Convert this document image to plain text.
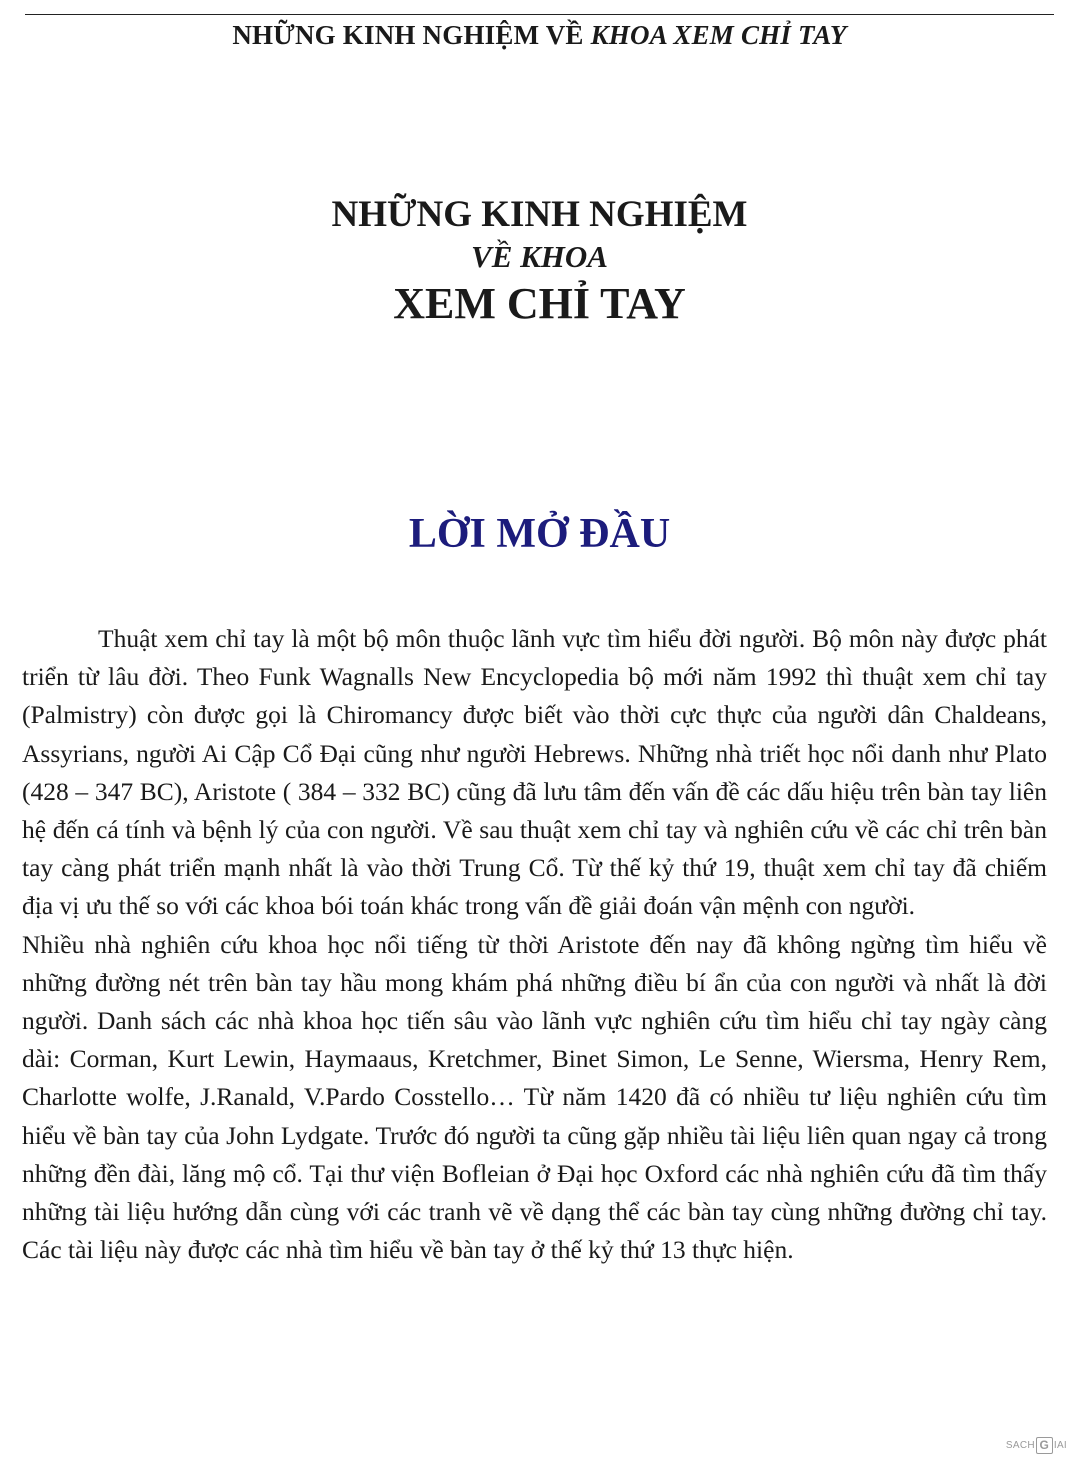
NHỮNG KINH NGHIỆM VỀ KHOA XEM CHỈ TAY
NHỮNG KINH NGHIỆM
VỀ KHOA
XEM CHỈ TAY
LỜI MỞ ĐẦU

Thuật xem chỉ tay là một bộ môn thuộc lãnh vực tìm hiểu đời người. Bộ môn này được phát triển từ lâu đời. Theo Funk Wagnalls New Encyclopedia bộ mới năm 1992 thì thuật xem chỉ tay (Palmistry) còn được gọi là Chiromancy được biết vào thời cực thực của người dân Chaldeans, Assyrians, người Ai Cập Cổ Đại cũng như người Hebrews. Những nhà triết học nổi danh như Plato (428 – 347 BC), Aristote ( 384 – 332 BC) cũng đã lưu tâm đến vấn đề các dấu hiệu trên bàn tay liên hệ đến cá tính và bệnh lý của con người. Về sau thuật xem chỉ tay và nghiên cứu về các chỉ trên bàn tay càng phát triển mạnh nhất là vào thời Trung Cổ. Từ thế kỷ thứ 19, thuật xem chỉ tay đã chiếm địa vị ưu thế so với các khoa bói toán khác trong vấn đề giải đoán vận mệnh con người.

Nhiều nhà nghiên cứu khoa học nổi tiếng từ thời Aristote đến nay đã không ngừng tìm hiểu về những đường nét trên bàn tay hầu mong khám phá những điều bí ẩn của con người và nhất là đời người. Danh sách các nhà khoa học tiến sâu vào lãnh vực nghiên cứu tìm hiểu chỉ tay ngày càng dài: Corman, Kurt Lewin, Haymaaus, Kretchmer, Binet Simon, Le Senne, Wiersma, Henry Rem, Charlotte wolfe, J.Ranald, V.Pardo Cosstello… Từ năm 1420 đã có nhiều tư liệu nghiên cứu tìm hiểu về bàn tay của John Lydgate. Trước đó người ta cũng gặp nhiều tài liệu liên quan ngay cả trong những đền đài, lăng mộ cổ. Tại thư viện Bofleian ở Đại học Oxford các nhà nghiên cứu đã tìm thấy những tài liệu hướng dẫn cùng với các tranh vẽ về dạng thể các bàn tay cùng những đường chỉ tay. Các tài liệu này được các nhà tìm hiểu về bàn tay ở thế kỷ thứ 13 thực hiện.

SACH G IAI
